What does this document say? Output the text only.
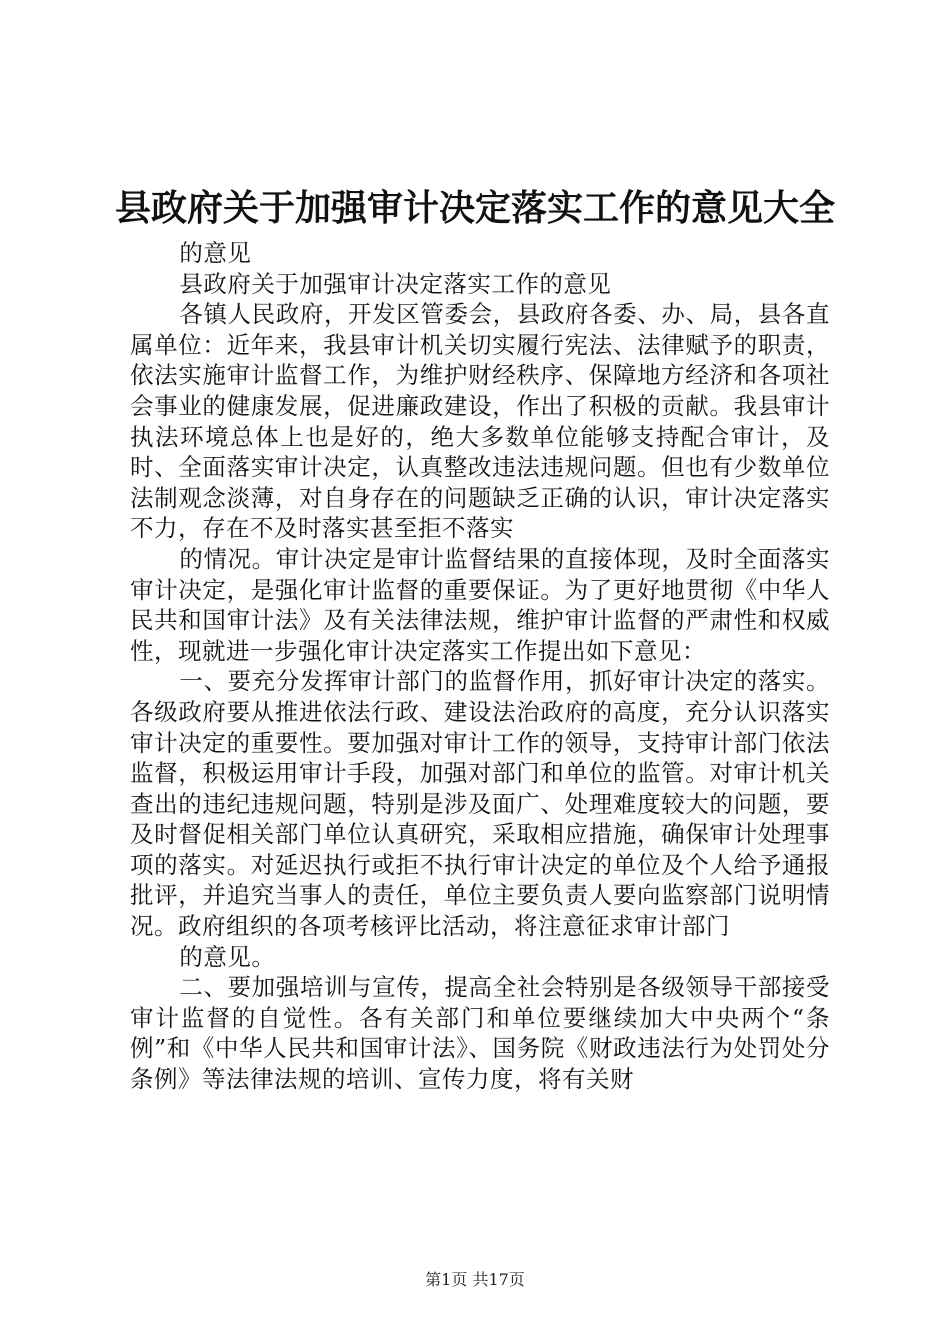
县政府关于加强审计决定落实工作的意见大全

的意见

县政府关于加强审计决定落实工作的意见

各镇人民政府，开发区管委会，县政府各委、办、局，县各直属单位：近年来，我县审计机关切实履行宪法、法律赋予的职责，依法实施审计监督工作，为维护财经秩序、保障地方经济和各项社会事业的健康发展，促进廉政建设，作出了积极的贡献。我县审计执法环境总体上也是好的，绝大多数单位能够支持配合审计，及时、全面落实审计决定，认真整改违法违规问题。但也有少数单位法制观念淡薄，对自身存在的问题缺乏正确的认识，审计决定落实不力，存在不及时落实甚至拒不落实

的情况。审计决定是审计监督结果的直接体现，及时全面落实审计决定，是强化审计监督的重要保证。为了更好地贯彻《中华人民共和国审计法》及有关法律法规，维护审计监督的严肃性和权威性，现就进一步强化审计决定落实工作提出如下意见：

一、要充分发挥审计部门的监督作用，抓好审计决定的落实。各级政府要从推进依法行政、建设法治政府的高度，充分认识落实审计决定的重要性。要加强对审计工作的领导，支持审计部门依法监督，积极运用审计手段，加强对部门和单位的监管。对审计机关查出的违纪违规问题，特别是涉及面广、处理难度较大的问题，要及时督促相关部门单位认真研究，采取相应措施，确保审计处理事项的落实。对延迟执行或拒不执行审计决定的单位及个人给予通报批评，并追究当事人的责任，单位主要负责人要向监察部门说明情况。政府组织的各项考核评比活动，将注意征求审计部门

的意见。

二、要加强培训与宣传，提高全社会特别是各级领导干部接受审计监督的自觉性。各有关部门和单位要继续加大中央两个“条例”和《中华人民共和国审计法》、国务院《财政违法行为处罚处分条例》等法律法规的培训、宣传力度，将有关财

第1页 共17页
